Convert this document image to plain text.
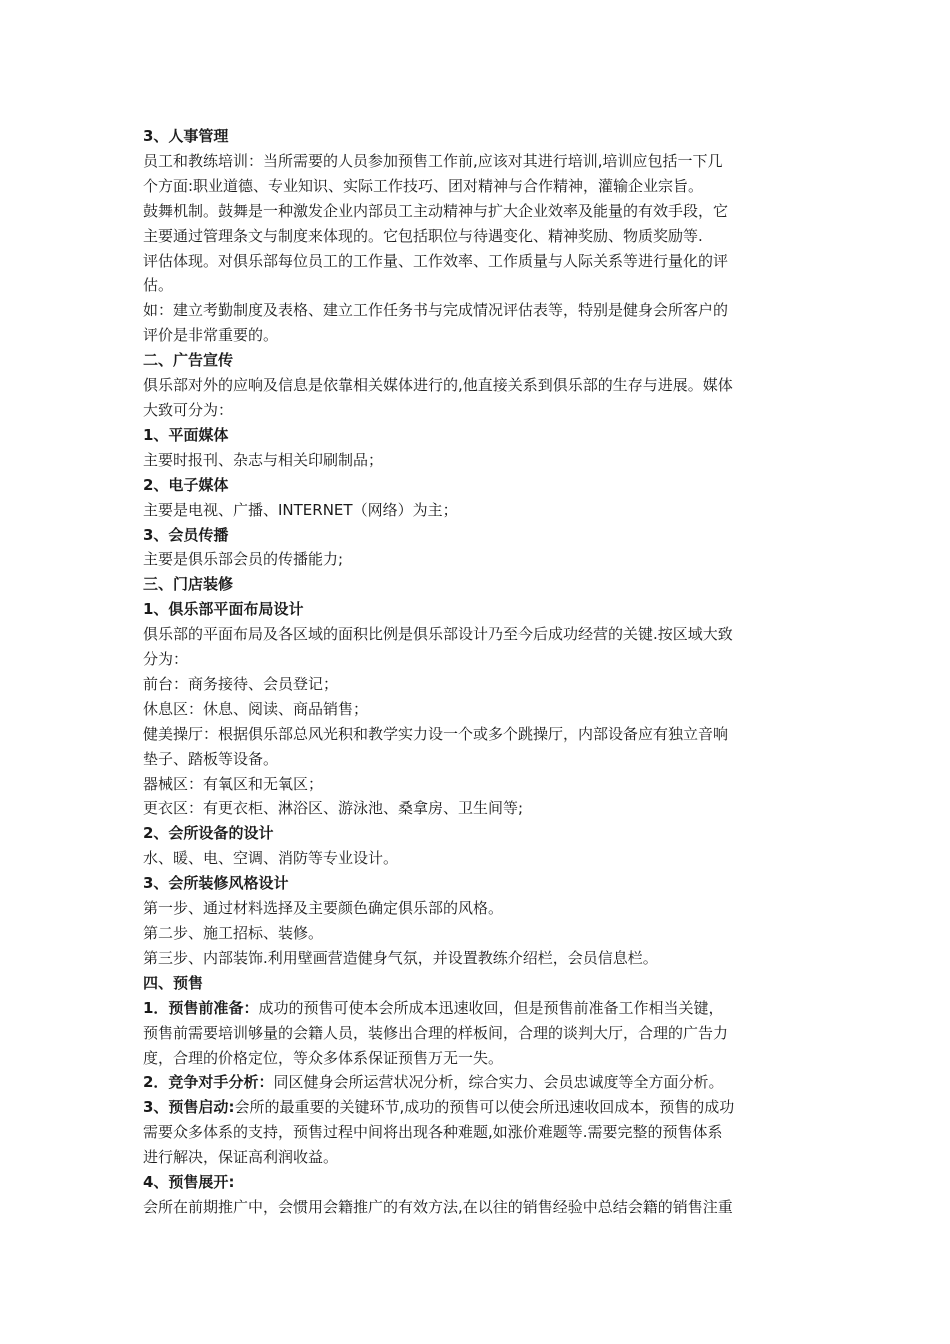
3、人事管理
员工和教练培训：当所需要的人员参加预售工作前,应该对其进行培训,培训应包括一下几
个方面:职业道德、专业知识、实际工作技巧、团对精神与合作精神，灌输企业宗旨。
鼓舞机制。鼓舞是一种激发企业内部员工主动精神与扩大企业效率及能量的有效手段，它
主要通过管理条文与制度来体现的。它包括职位与待遇变化、精神奖励、物质奖励等.
评估体现。对俱乐部每位员工的工作量、工作效率、工作质量与人际关系等进行量化的评
估。
如：建立考勤制度及表格、建立工作任务书与完成情况评估表等，特别是健身会所客户的
评价是非常重要的。
二、广告宣传
俱乐部对外的应响及信息是依靠相关媒体进行的,他直接关系到俱乐部的生存与进展。媒体
大致可分为：
1、平面媒体
主要时报刊、杂志与相关印刷制品；
2、电子媒体
主要是电视、广播、INTERNET（网络）为主；
3、会员传播
主要是俱乐部会员的传播能力;
三、门店装修
1、俱乐部平面布局设计
俱乐部的平面布局及各区域的面积比例是俱乐部设计乃至今后成功经营的关键.按区域大致
分为：
前台：商务接待、会员登记；
休息区：休息、阅读、商品销售；
健美操厅：根据俱乐部总风光积和教学实力设一个或多个跳操厅，内部设备应有独立音响
垫子、踏板等设备。
器械区：有氧区和无氧区；
更衣区：有更衣柜、淋浴区、游泳池、桑拿房、卫生间等;
2、会所设备的设计
水、暖、电、空调、消防等专业设计。
3、会所装修风格设计
第一步、通过材料选择及主要颜色确定俱乐部的风格。
第二步、施工招标、装修。
第三步、内部装饰.利用壁画营造健身气氛，并设置教练介绍栏，会员信息栏。
四、预售
1．预售前准备：成功的预售可使本会所成本迅速收回，但是预售前准备工作相当关键，
预售前需要培训够量的会籍人员，装修出合理的样板间，合理的谈判大厅，合理的广告力
度，合理的价格定位，等众多体系保证预售万无一失。
2．竞争对手分析：同区健身会所运营状况分析，综合实力、会员忠诚度等全方面分析。
3、预售启动:会所的最重要的关键环节,成功的预售可以使会所迅速收回成本，预售的成功
需要众多体系的支持，预售过程中间将出现各种难题,如涨价难题等.需要完整的预售体系
进行解决，保证高利润收益。
4、预售展开:
会所在前期推广中，会惯用会籍推广的有效方法,在以往的销售经验中总结会籍的销售注重
